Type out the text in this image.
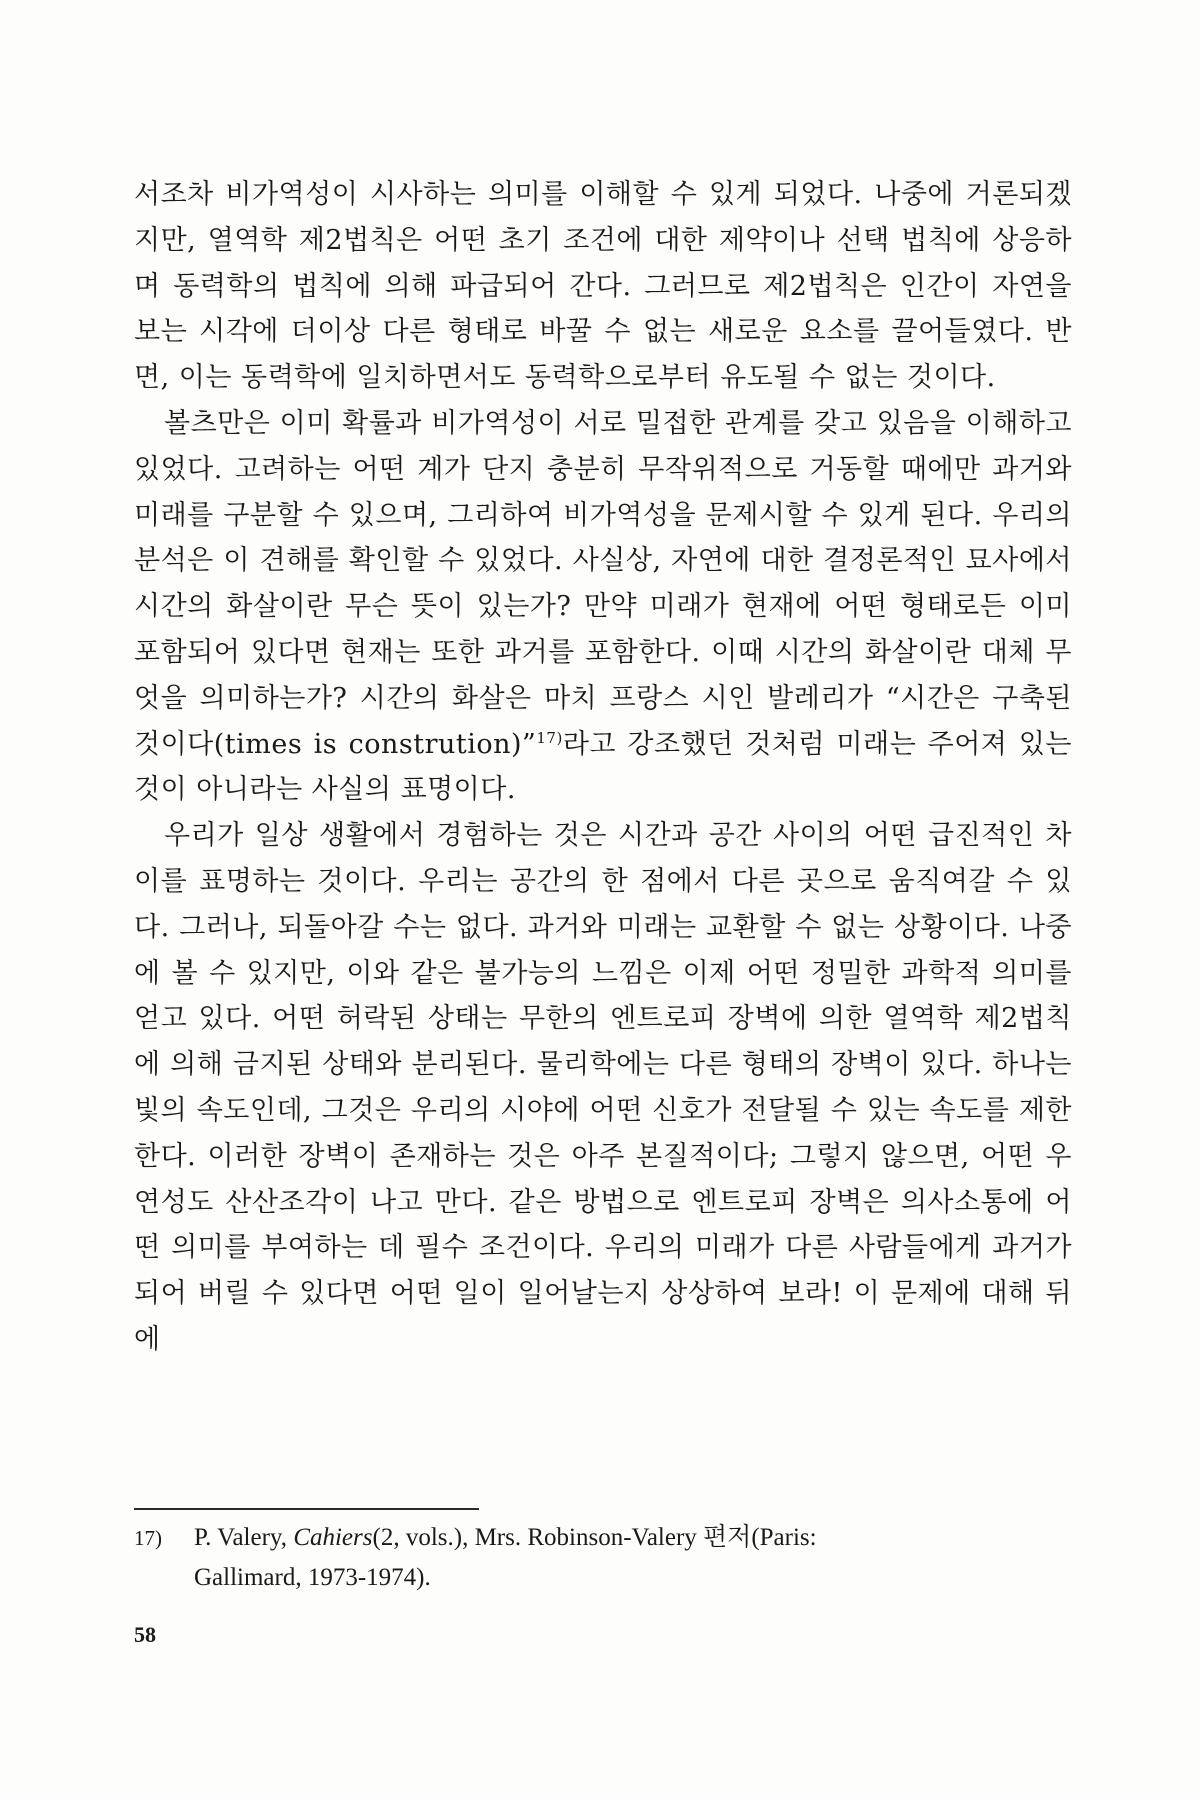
서조차 비가역성이 시사하는 의미를 이해할 수 있게 되었다. 나중에 거론되겠지만, 열역학 제2법칙은 어떤 초기 조건에 대한 제약이나 선택 법칙에 상응하며 동력학의 법칙에 의해 파급되어 간다. 그러므로 제2법칙은 인간이 자연을 보는 시각에 더이상 다른 형태로 바꿀 수 없는 새로운 요소를 끌어들였다. 반면, 이는 동력학에 일치하면서도 동력학으로부터 유도될 수 없는 것이다.

볼츠만은 이미 확률과 비가역성이 서로 밀접한 관계를 갖고 있음을 이해하고 있었다. 고려하는 어떤 계가 단지 충분히 무작위적으로 거동할 때에만 과거와 미래를 구분할 수 있으며, 그리하여 비가역성을 문제시할 수 있게 된다. 우리의 분석은 이 견해를 확인할 수 있었다. 사실상, 자연에 대한 결정론적인 묘사에서 시간의 화살이란 무슨 뜻이 있는가? 만약 미래가 현재에 어떤 형태로든 이미 포함되어 있다면 현재는 또한 과거를 포함한다. 이때 시간의 화살이란 대체 무엇을 의미하는가? 시간의 화살은 마치 프랑스 시인 발레리가 “시간은 구축된 것이다(times is constrution)”$^{17)}$라고 강조했던 것처럼 미래는 주어져 있는 것이 아니라는 사실의 표명이다.

우리가 일상 생활에서 경험하는 것은 시간과 공간 사이의 어떤 급진적인 차이를 표명하는 것이다. 우리는 공간의 한 점에서 다른 곳으로 움직여갈 수 있다. 그러나, 되돌아갈 수는 없다. 과거와 미래는 교환할 수 없는 상황이다. 나중에 볼 수 있지만, 이와 같은 불가능의 느낌은 이제 어떤 정밀한 과학적 의미를 얻고 있다. 어떤 허락된 상태는 무한의 엔트로피 장벽에 의한 열역학 제2법칙에 의해 금지된 상태와 분리된다. 물리학에는 다른 형태의 장벽이 있다. 하나는 빛의 속도인데, 그것은 우리의 시야에 어떤 신호가 전달될 수 있는 속도를 제한한다. 이러한 장벽이 존재하는 것은 아주 본질적이다; 그렇지 않으면, 어떤 우연성도 산산조각이 나고 만다. 같은 방법으로 엔트로피 장벽은 의사소통에 어떤 의미를 부여하는 데 필수 조건이다. 우리의 미래가 다른 사람들에게 과거가 되어 버릴 수 있다면 어떤 일이 일어날는지 상상하여 보라! 이 문제에 대해 뒤에

17) P. Valery, Cahiers(2, vols.), Mrs. Robinson-Valery 편저(Paris:
Gallimard, 1973-1974).
58
